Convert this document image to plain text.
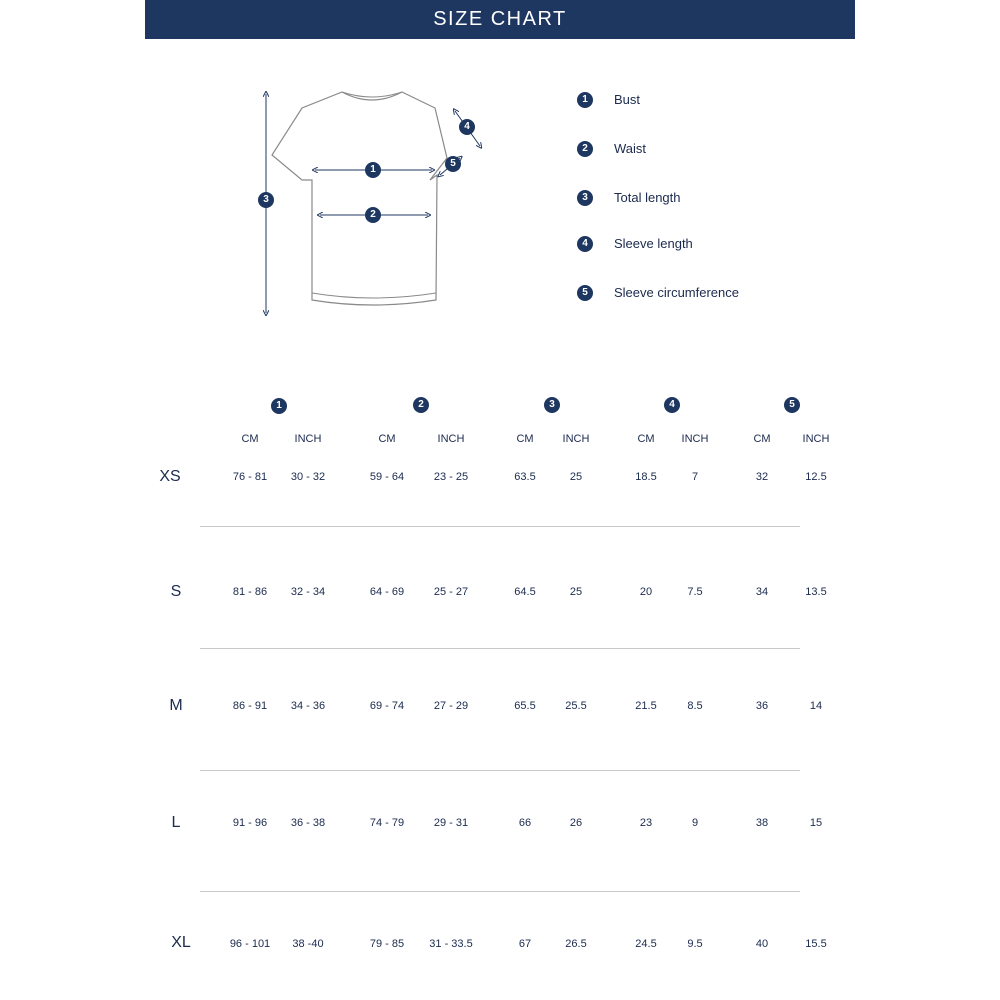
SIZE CHART
3
1
2
4
5
1	Bust
2	Waist
3	Total length
4	Sleeve length
5	Sleeve circumference
1	2	3	4	5
CM	INCH	CM	INCH	CM	INCH	CM	INCH	CM	INCH
XS	76 - 81	30 - 32	59 - 64	23 - 25	63.5	25	18.5	7	32	12.5
S	81 - 86	32 - 34	64 - 69	25 - 27	64.5	25	20	7.5	34	13.5
M	86 - 91	34 - 36	69 - 74	27 - 29	65.5	25.5	21.5	8.5	36	14
L	91 - 96	36 - 38	74 - 79	29 - 31	66	26	23	9	38	15
XL	96 - 101	38 -40	79 - 85	31 - 33.5	67	26.5	24.5	9.5	40	15.5
